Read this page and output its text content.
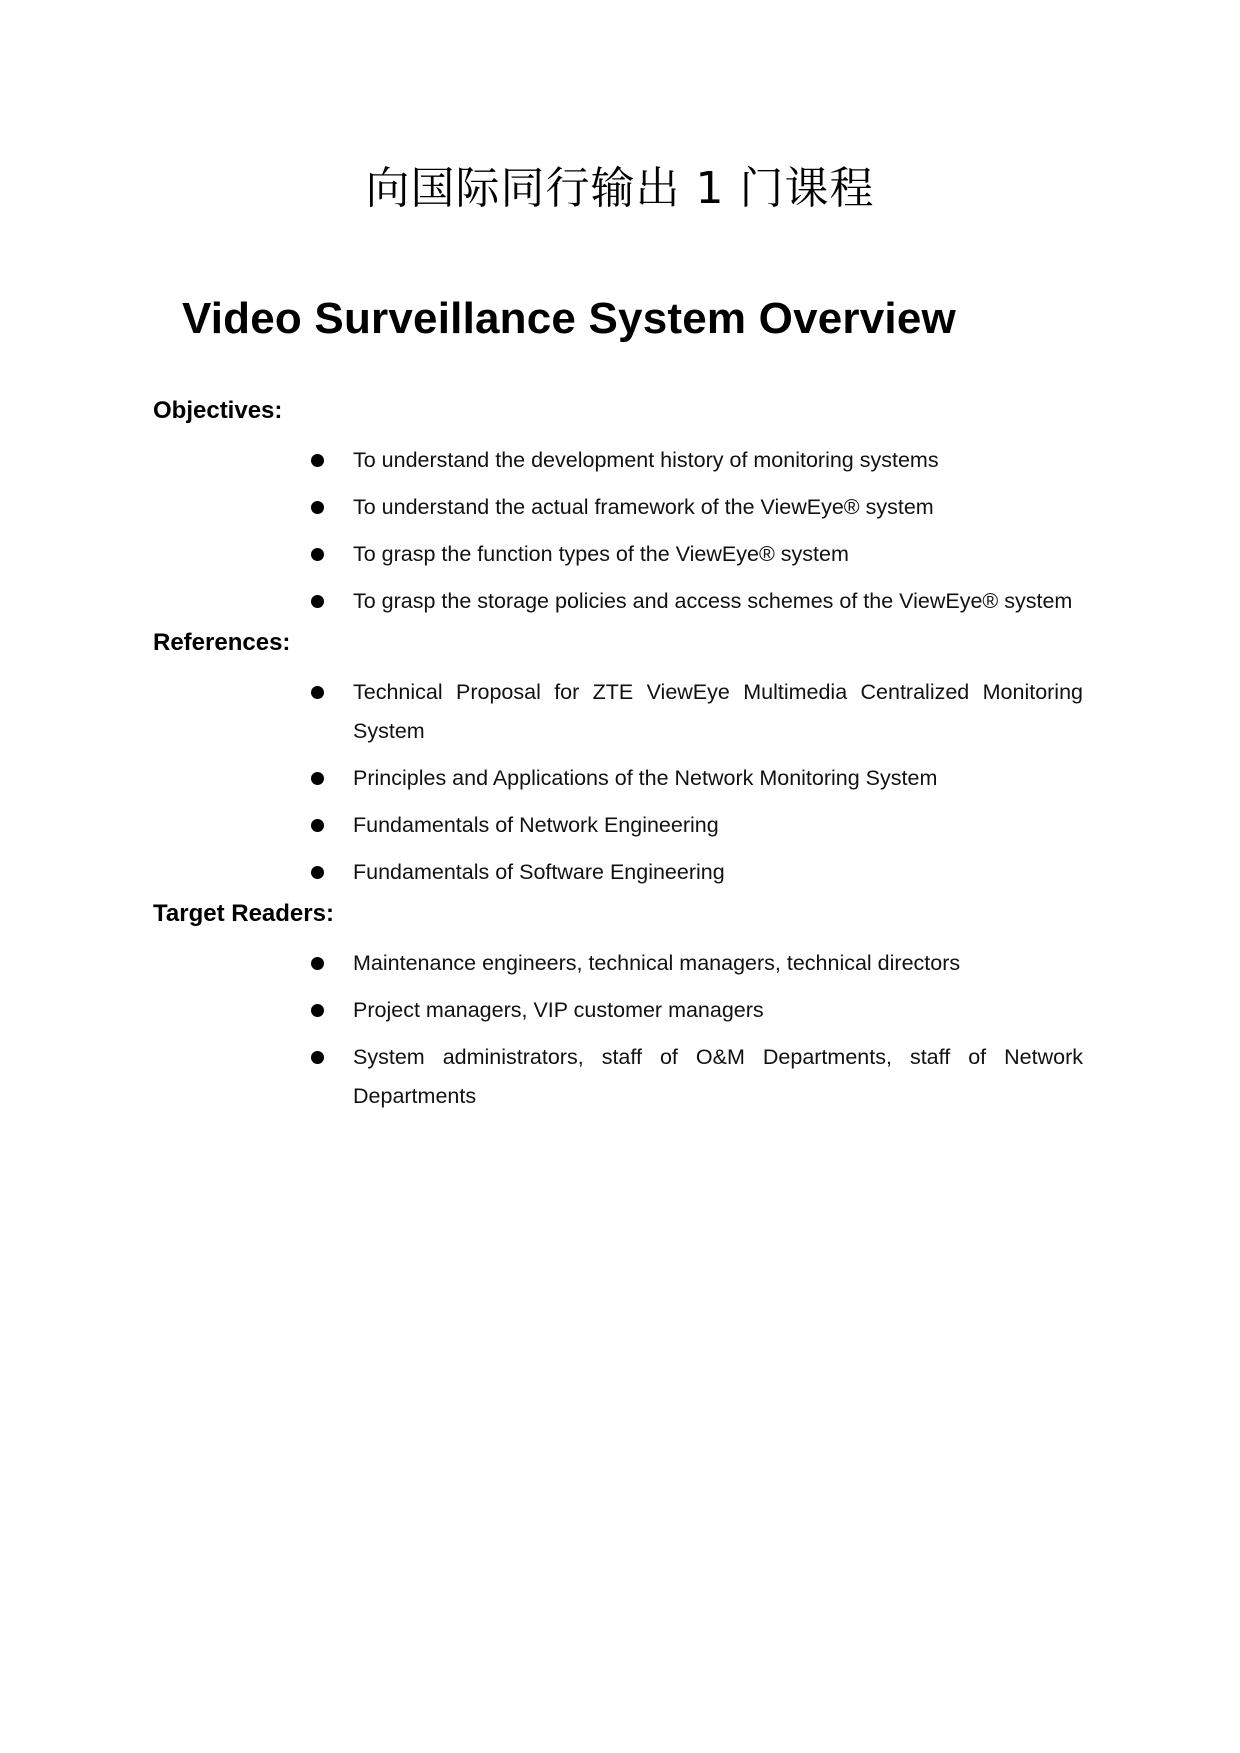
向国际同行输出 1 门课程
Video Surveillance System Overview

Objectives:

To understand the development history of monitoring systems
To understand the actual framework of the ViewEye® system
To grasp the function types of the ViewEye® system
To grasp the storage policies and access schemes of the ViewEye® system

References:

Technical Proposal for ZTE ViewEye Multimedia Centralized Monitoring System
Principles and Applications of the Network Monitoring System
Fundamentals of Network Engineering
Fundamentals of Software Engineering

Target Readers:

Maintenance engineers, technical managers, technical directors
Project managers, VIP customer managers
System administrators, staff of O&M Departments, staff of Network Departments
